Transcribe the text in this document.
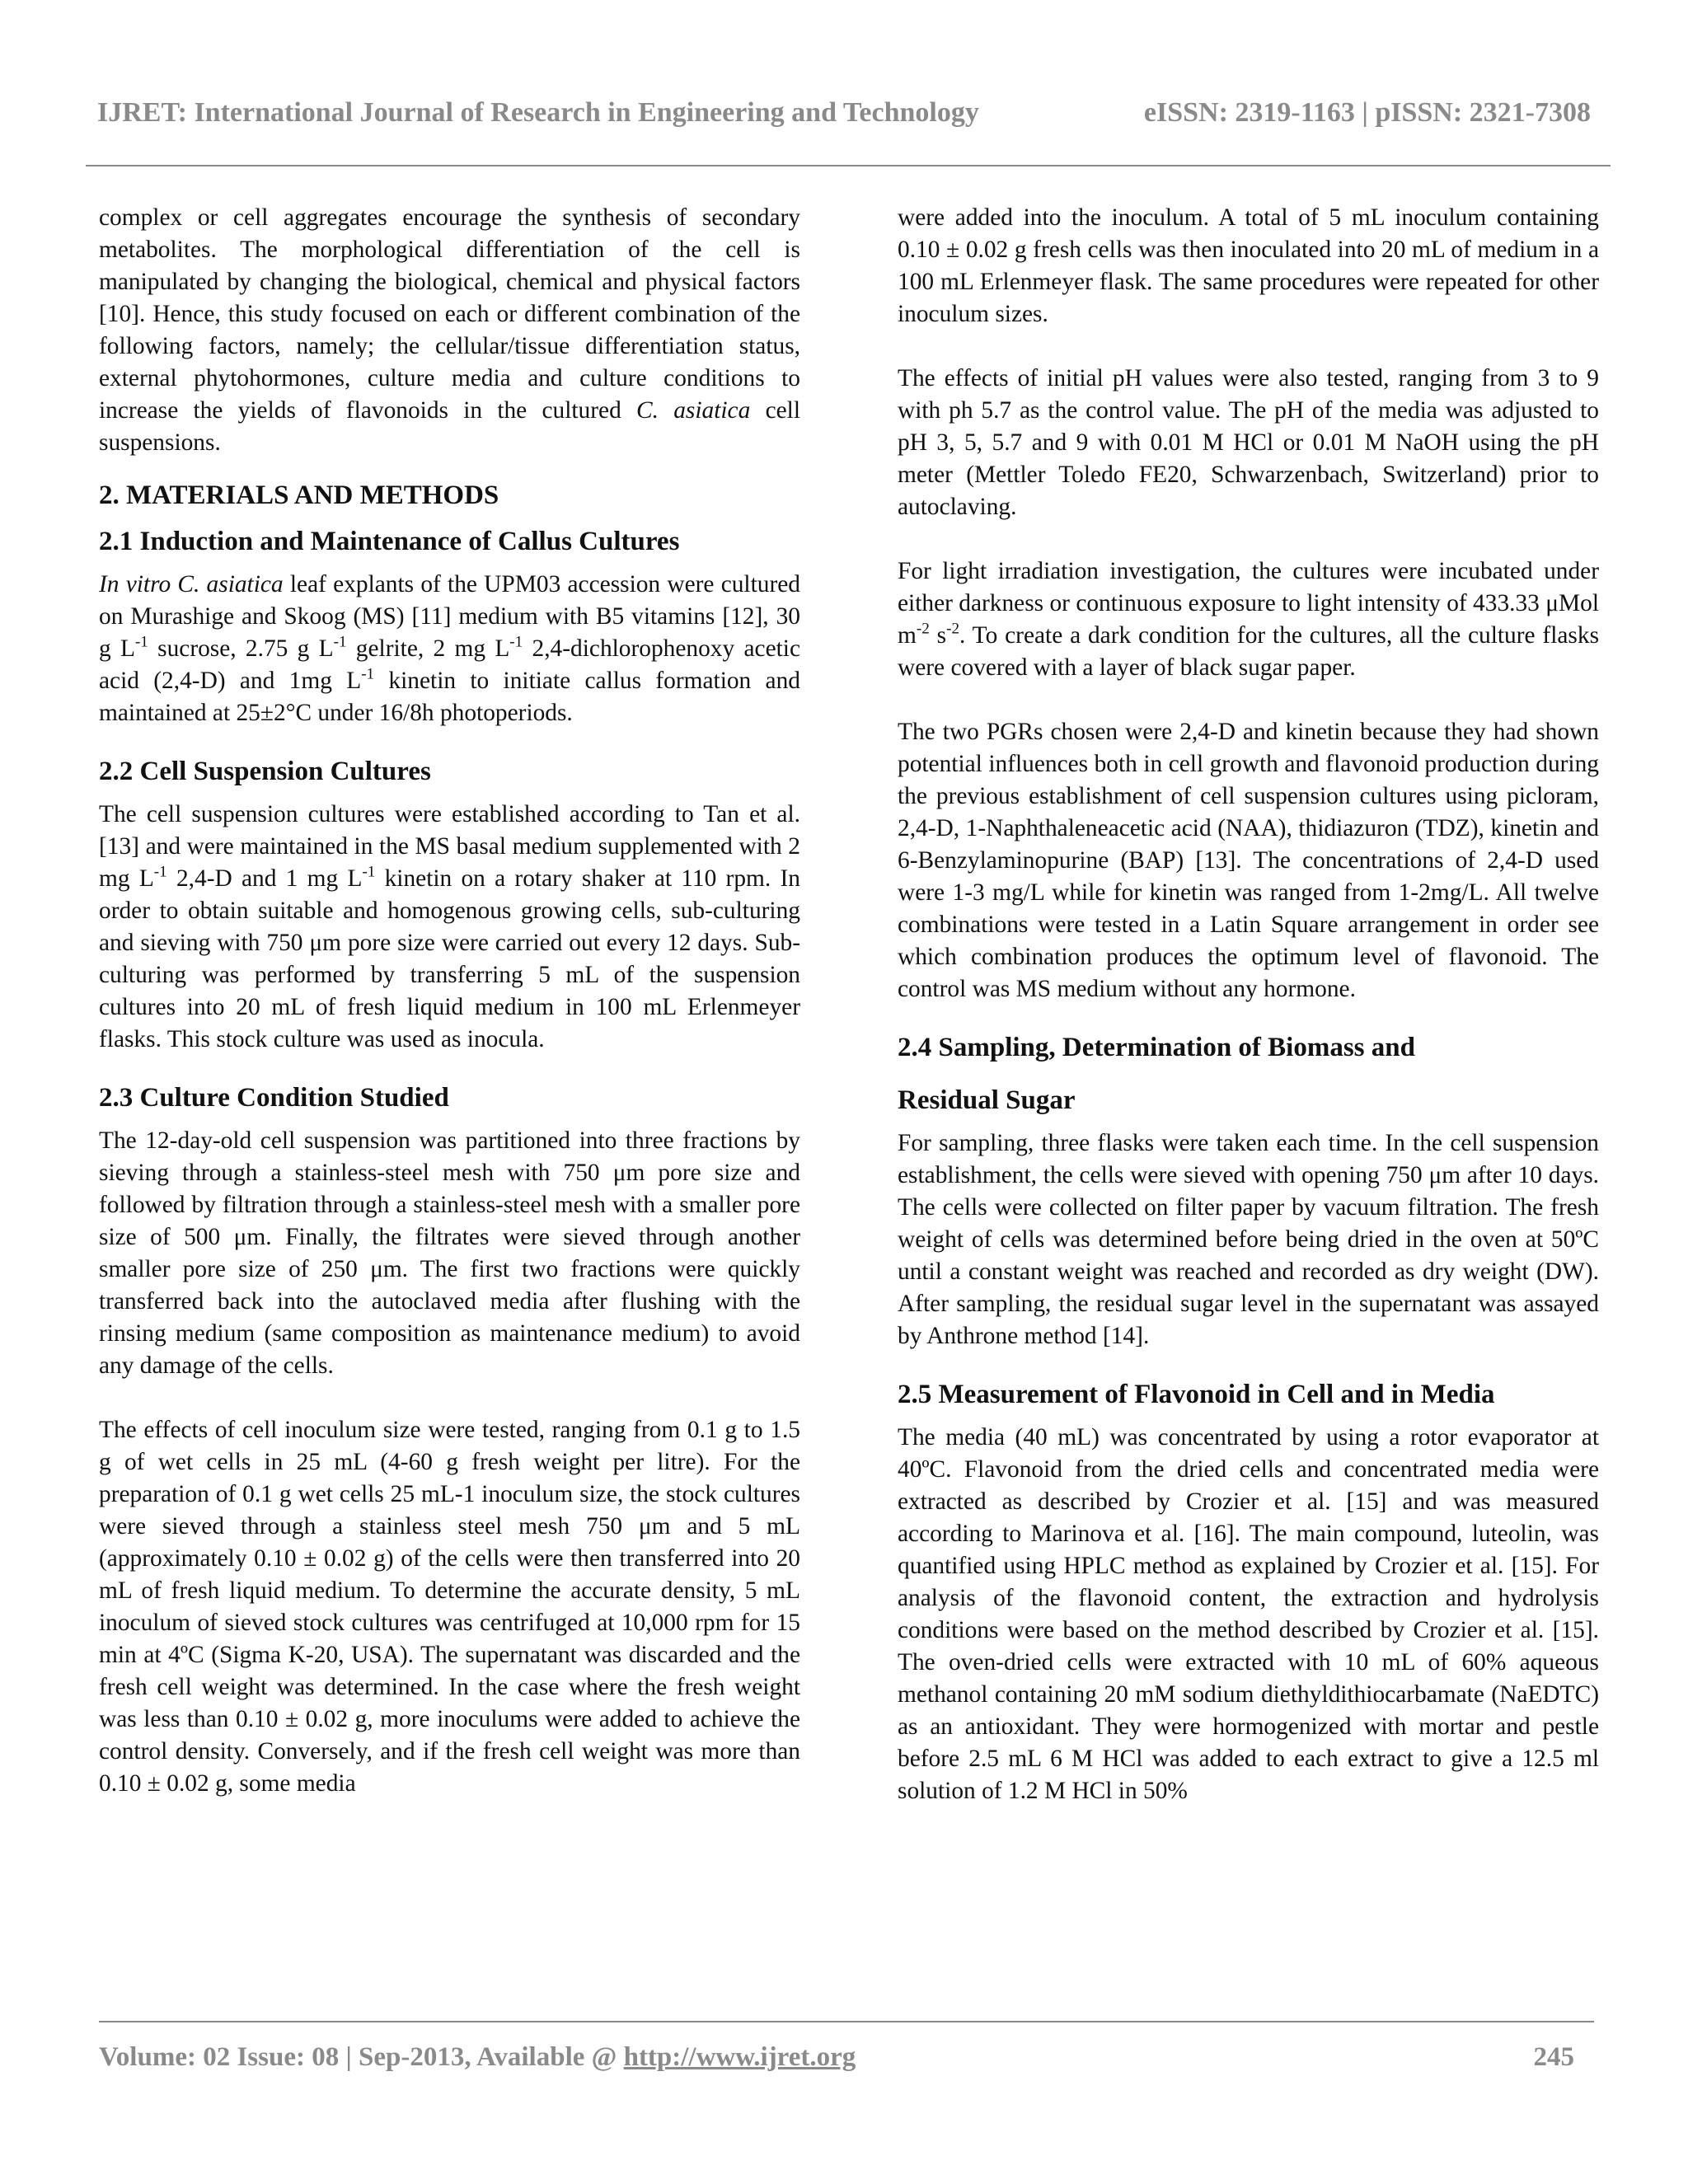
IJRET: International Journal of Research in Engineering and Technology	eISSN: 2319-1163 | pISSN: 2321-7308

complex or cell aggregates encourage the synthesis of secondary metabolites. The morphological differentiation of the cell is manipulated by changing the biological, chemical and physical factors [10]. Hence, this study focused on each or different combination of the following factors, namely; the cellular/tissue differentiation status, external phytohormones, culture media and culture conditions to increase the yields of flavonoids in the cultured C. asiatica cell suspensions.

2. MATERIALS AND METHODS
2.1 Induction and Maintenance of Callus Cultures

In vitro C. asiatica leaf explants of the UPM03 accession were cultured on Murashige and Skoog (MS) [11] medium with B5 vitamins [12], 30 g $L^{-1}$ sucrose, 2.75 g $L^{-1}$ gelrite, 2 mg $L^{-1}$ 2,4-dichlorophenoxy acetic acid (2,4-D) and 1mg $L^{-1}$ kinetin to initiate callus formation and maintained at 25±2°C under 16/8h photoperiods.

2.2 Cell Suspension Cultures

The cell suspension cultures were established according to Tan et al. [13] and were maintained in the MS basal medium supplemented with 2 mg $L^{-1}$ 2,4-D and 1 mg $L^{-1}$ kinetin on a rotary shaker at 110 rpm. In order to obtain suitable and homogenous growing cells, sub-culturing and sieving with 750 μm pore size were carried out every 12 days. Sub-culturing was performed by transferring 5 mL of the suspension cultures into 20 mL of fresh liquid medium in 100 mL Erlenmeyer flasks. This stock culture was used as inocula.

2.3 Culture Condition Studied

The 12-day-old cell suspension was partitioned into three fractions by sieving through a stainless-steel mesh with 750 μm pore size and followed by filtration through a stainless-steel mesh with a smaller pore size of 500 μm. Finally, the filtrates were sieved through another smaller pore size of 250 μm. The first two fractions were quickly transferred back into the autoclaved media after flushing with the rinsing medium (same composition as maintenance medium) to avoid any damage of the cells.

The effects of cell inoculum size were tested, ranging from 0.1 g to 1.5 g of wet cells in 25 mL (4-60 g fresh weight per litre). For the preparation of 0.1 g wet cells 25 mL-1 inoculum size, the stock cultures were sieved through a stainless steel mesh 750 μm and 5 mL (approximately 0.10 ± 0.02 g) of the cells were then transferred into 20 mL of fresh liquid medium. To determine the accurate density, 5 mL inoculum of sieved stock cultures was centrifuged at 10,000 rpm for 15 min at 4ºC (Sigma K-20, USA). The supernatant was discarded and the fresh cell weight was determined. In the case where the fresh weight was less than 0.10 ± 0.02 g, more inoculums were added to achieve the control density. Conversely, and if the fresh cell weight was more than 0.10 ± 0.02 g, some media

were added into the inoculum. A total of 5 mL inoculum containing 0.10 ± 0.02 g fresh cells was then inoculated into 20 mL of medium in a 100 mL Erlenmeyer flask. The same procedures were repeated for other inoculum sizes.

The effects of initial pH values were also tested, ranging from 3 to 9 with ph 5.7 as the control value. The pH of the media was adjusted to pH 3, 5, 5.7 and 9 with 0.01 M HCl or 0.01 M NaOH using the pH meter (Mettler Toledo FE20, Schwarzenbach, Switzerland) prior to autoclaving.

For light irradiation investigation, the cultures were incubated under either darkness or continuous exposure to light intensity of 433.33 μMol $m^{-2}$ $s^{-2}$. To create a dark condition for the cultures, all the culture flasks were covered with a layer of black sugar paper.

The two PGRs chosen were 2,4-D and kinetin because they had shown potential influences both in cell growth and flavonoid production during the previous establishment of cell suspension cultures using picloram, 2,4-D, 1-Naphthaleneacetic acid (NAA), thidiazuron (TDZ), kinetin and 6-Benzylaminopurine (BAP) [13]. The concentrations of 2,4-D used were 1-3 mg/L while for kinetin was ranged from 1-2mg/L. All twelve combinations were tested in a Latin Square arrangement in order see which combination produces the optimum level of flavonoid. The control was MS medium without any hormone.

2.4 Sampling, Determination of Biomass and
Residual Sugar

For sampling, three flasks were taken each time. In the cell suspension establishment, the cells were sieved with opening 750 μm after 10 days. The cells were collected on filter paper by vacuum filtration. The fresh weight of cells was determined before being dried in the oven at 50ºC until a constant weight was reached and recorded as dry weight (DW). After sampling, the residual sugar level in the supernatant was assayed by Anthrone method [14].

2.5 Measurement of Flavonoid in Cell and in Media

The media (40 mL) was concentrated by using a rotor evaporator at 40ºC. Flavonoid from the dried cells and concentrated media were extracted as described by Crozier et al. [15] and was measured according to Marinova et al. [16]. The main compound, luteolin, was quantified using HPLC method as explained by Crozier et al. [15]. For analysis of the flavonoid content, the extraction and hydrolysis conditions were based on the method described by Crozier et al. [15]. The oven-dried cells were extracted with 10 mL of 60% aqueous methanol containing 20 mM sodium diethyldithiocarbamate (NaEDTC) as an antioxidant. They were hormogenized with mortar and pestle before 2.5 mL 6 M HCl was added to each extract to give a 12.5 ml solution of 1.2 M HCl in 50%

Volume: 02 Issue: 08 | Sep-2013, Available @ http://www.ijret.org	245
